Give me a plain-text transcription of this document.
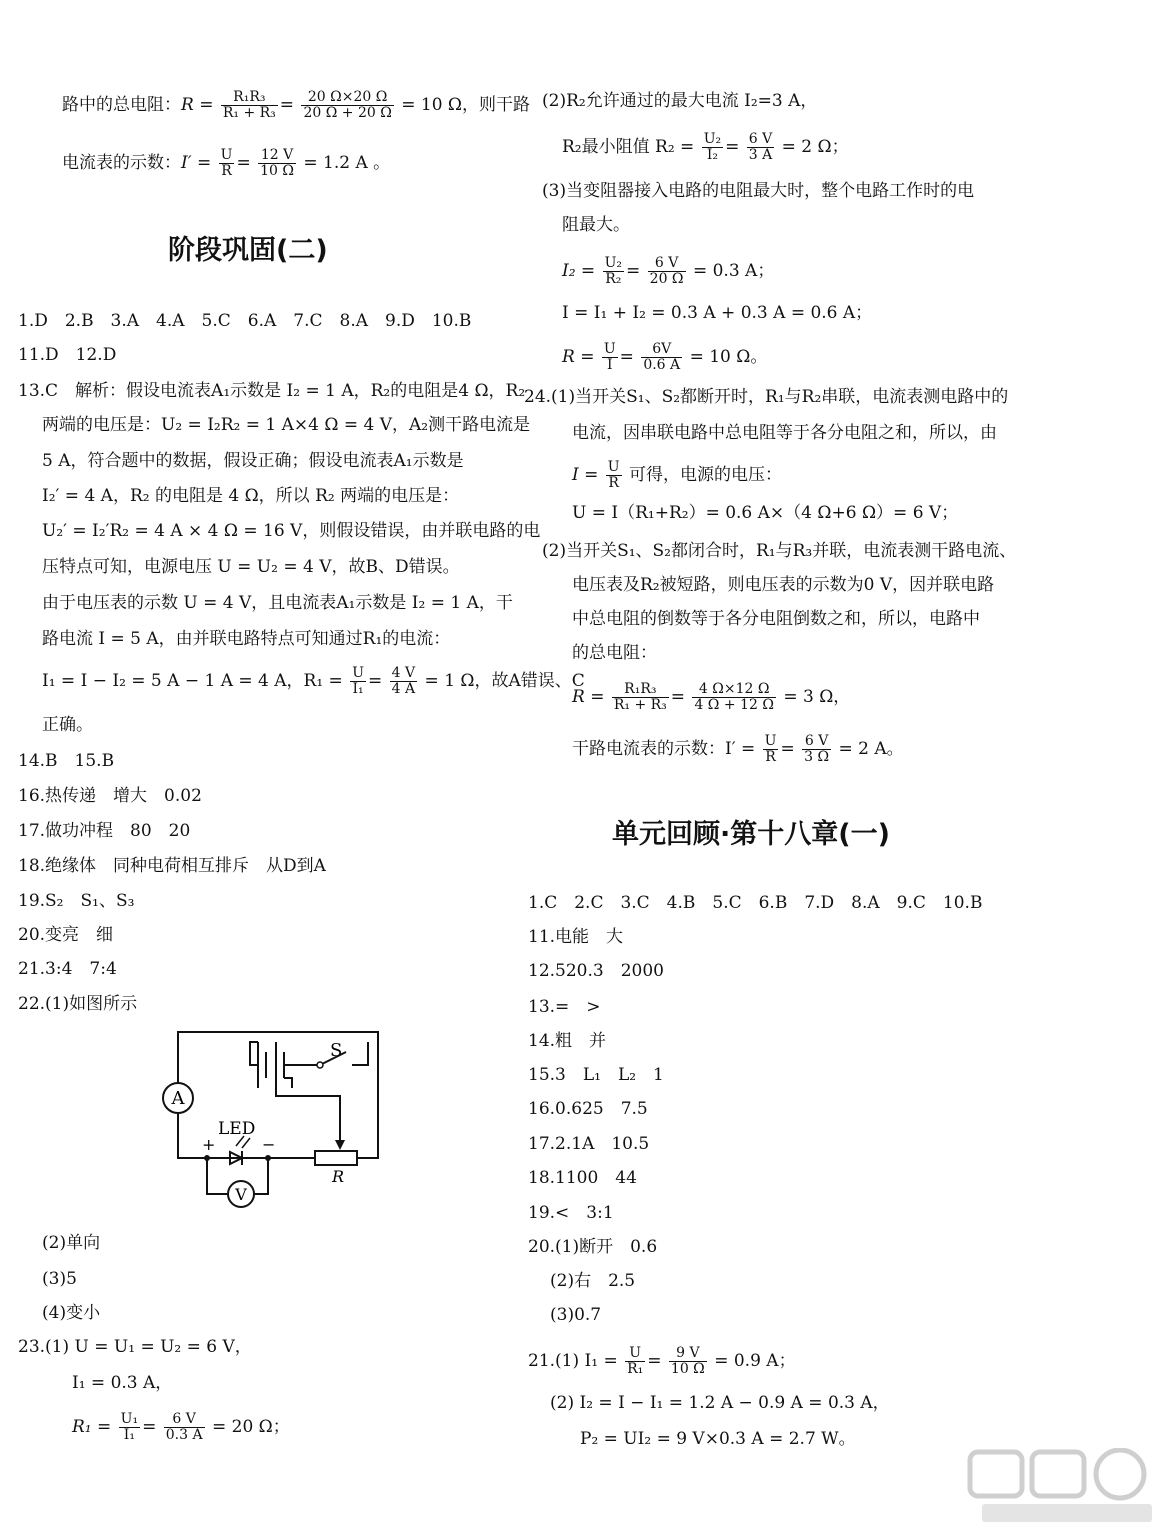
路中的总电阻：$R = \frac{\text{R₁R₃}}{\text{R₁ + R₃}} = \frac{20 \Omega\times 20 \Omega}{20 \Omega + 20 \Omega} = 10$ Ω，则干路
电流表的示数：$I' = \frac{U}{R} = \frac{12 V}{10 \Omega} = 1.2$ A 。
阶段巩固(二)
1.D　2.B　3.A　4.A　5.C　6.A　7.C　8.A　9.D　10.B
11.D　12.D
13.C　解析：假设电流表A₁示数是 I₂ = 1 A，R₂的电阻是4 Ω，R₂
两端的电压是：U₂ = I₂R₂ = 1 A×4 Ω = 4 V，A₂测干路电流是
5 A，符合题中的数据，假设正确；假设电流表A₁示数是
I₂′ = 4 A，R₂ 的电阻是 4 Ω，所以 R₂ 两端的电压是：
U₂′ = I₂′R₂ = 4 A × 4 Ω = 16 V，则假设错误，由并联电路的电
压特点可知，电源电压 U = U₂ = 4 V，故B、D错误。
由于电压表的示数 U = 4 V，且电流表A₁示数是 I₂ = 1 A，干
路电流 I = 5 A，由并联电路特点可知通过R₁的电流：
I₁ = I − I₂ = 5 A − 1 A = 4 A，$R_1 = \frac{U}{\text{I₁}} = \frac{4 V}{4 A} = 1$ Ω，故A错误、C
正确。
14.B　15.B
16.热传递　增大　0.02
17.做功冲程　80　20
18.绝缘体　同种电荷相互排斥　从D到A
19.S₂　S₁、S₃
20.变亮　细
21.3:4　7:4
22.(1)如图所示
A
V
S
LED
+	−
R
(2)单向
(3)5
(4)变小
23.(1) U = U₁ = U₂ = 6 V，
I₁ = 0.3 A，
$R_1 = \frac{\text{U₁}}{\text{I₁}} = \frac{6 V}{0.3 A} = 20$ Ω；
(2)R₂允许通过的最大电流 I₂=3 A，
R₂最小阻值 $R_2 = \frac{\text{U₂}}{\text{I₂}} = \frac{6 V}{3 A} = 2$ Ω；
(3)当变阻器接入电路的电阻最大时，整个电路工作时的电
阻最大。
$I_2 = \frac{\text{U₂}}{\text{R₂}} = \frac{6 V}{20 \Omega} = 0.3$ A；
I = I₁ + I₂ = 0.3 A + 0.3 A = 0.6 A；
$R = \frac{U}{I} = \frac{6V}{0.6 A} = 10$ Ω。
24.(1)当开关S₁、S₂都断开时，R₁与R₂串联，电流表测电路中的
电流，因串联电路中总电阻等于各分电阻之和，所以，由
$I = \frac{U}{R}$ 可得，电源的电压：
U = I（R₁+R₂）= 0.6 A×（4 Ω+6 Ω）= 6 V；
(2)当开关S₁、S₂都闭合时，R₁与R₃并联，电流表测干路电流、
电压表及R₂被短路，则电压表的示数为0 V，因并联电路
中总电阻的倒数等于各分电阻倒数之和，所以，电路中
的总电阻：
$R = \frac{\text{R₁R₃}}{\text{R₁ + R₃}} = \frac{4 \Omega\times 12 \Omega}{4 \Omega + 12 \Omega} = 3$ Ω，
干路电流表的示数：$I' = \frac{U}{R} = \frac{6 V}{3 \Omega} = 2$ A。
单元回顾·第十八章(一)
1.C　2.C　3.C　4.B　5.C　6.B　7.D　8.A　9.C　10.B
11.电能　大
12.520.3　2000
13.=　>
14.粗　并
15.3　L₁　L₂　1
16.0.625　7.5
17.2.1A　10.5
18.1100　44
19.<　3:1
20.(1)断开　0.6
(2)右　2.5
(3)0.7
21.(1) $I_1 = \frac{U}{\text{R₁}} = \frac{9 V}{10 \Omega} = 0.9$ A；
(2) I₂ = I − I₁ = 1.2 A − 0.9 A = 0.3 A，
P₂ = UI₂ = 9 V×0.3 A = 2.7 W。
